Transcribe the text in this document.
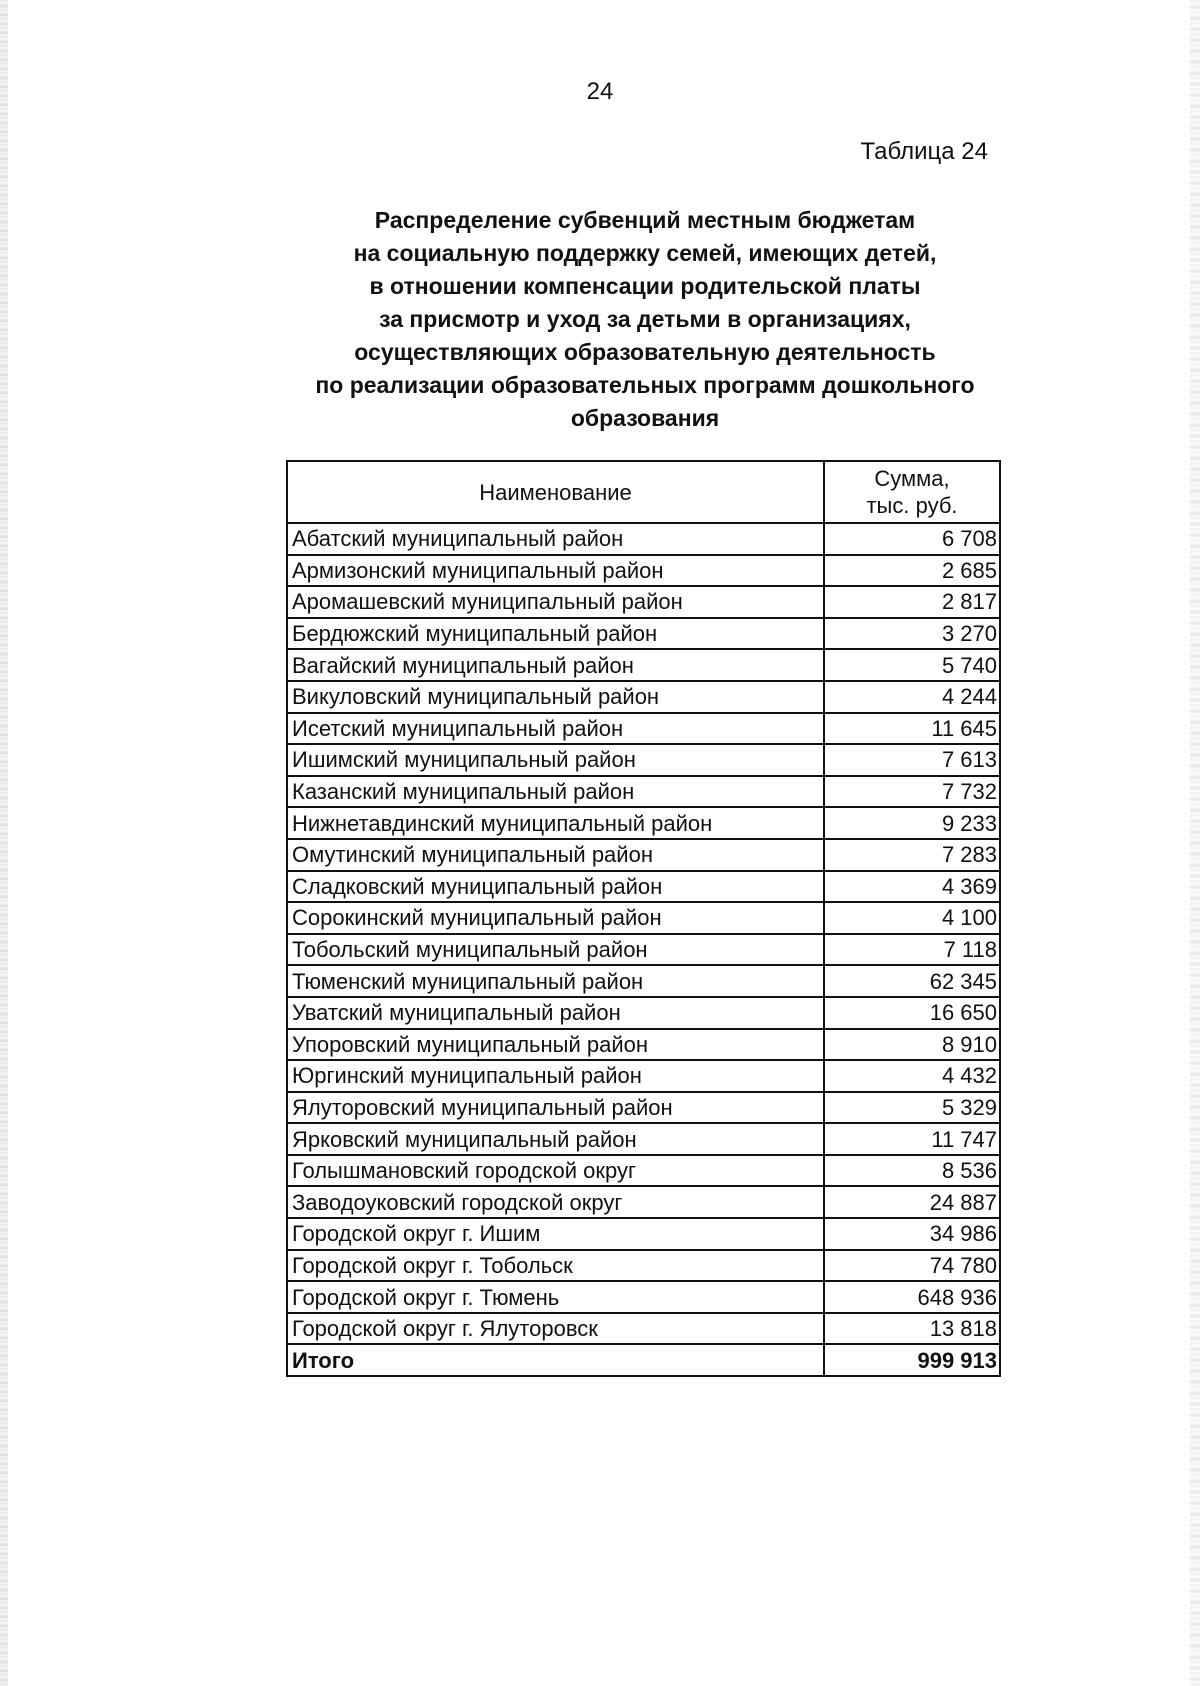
24
Таблица 24
Распределение субвенций местным бюджетам
на социальную поддержку семей, имеющих детей,
в отношении компенсации родительской платы
за присмотр и уход за детьми в организациях,
осуществляющих образовательную деятельность
по реализации образовательных программ дошкольного
образования
Наименование	Сумма,
тыс. руб.

Абатский муниципальный район	6 708
Армизонский муниципальный район	2 685
Аромашевский муниципальный район	2 817
Бердюжский муниципальный район	3 270
Вагайский муниципальный район	5 740
Викуловский муниципальный район	4 244
Исетский муниципальный район	11 645
Ишимский муниципальный район	7 613
Казанский муниципальный район	7 732
Нижнетавдинский муниципальный район	9 233
Омутинский муниципальный район	7 283
Сладковский муниципальный район	4 369
Сорокинский муниципальный район	4 100
Тобольский муниципальный район	7 118
Тюменский муниципальный район	62 345
Уватский муниципальный район	16 650
Упоровский муниципальный район	8 910
Юргинский муниципальный район	4 432
Ялуторовский муниципальный район	5 329
Ярковский муниципальный район	11 747
Голышмановский городской округ	8 536
Заводоуковский городской округ	24 887
Городской округ г. Ишим	34 986
Городской округ г. Тобольск	74 780
Городской округ г. Тюмень	648 936
Городской округ г. Ялуторовск	13 818
Итого	999 913
